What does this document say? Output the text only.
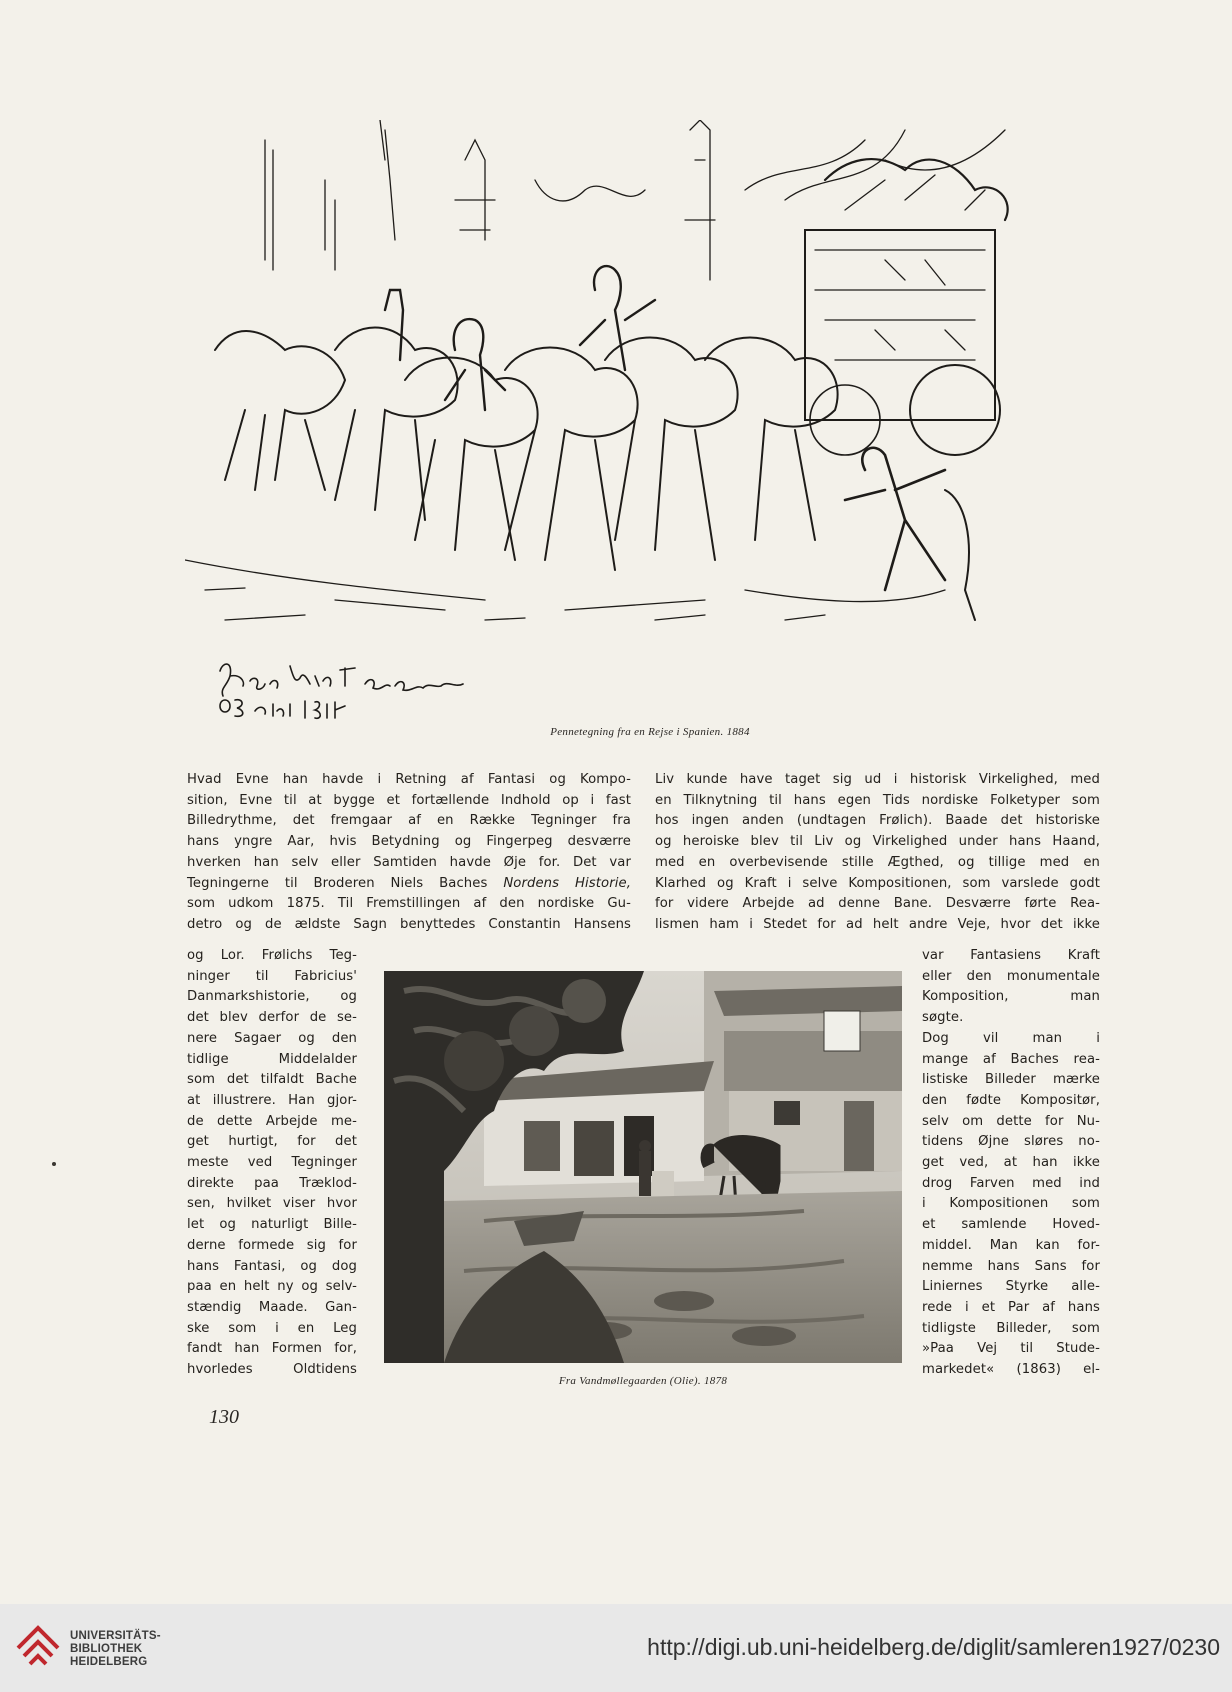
Pennetegning fra en Rejse i Spanien. 1884
Hvad Evne han havde i Retning af Fantasi og Kompo-
sition, Evne til at bygge et fortællende Indhold op i fast
Billedrythme, det fremgaar af en Række Tegninger fra
hans yngre Aar, hvis Betydning og Fingerpeg desværre
hverken han selv eller Samtiden havde Øje for. Det var
Tegningerne til Broderen Niels Baches Nordens Historie,
som udkom 1875. Til Fremstillingen af den nordiske Gu-
detro og de ældste Sagn benyttedes Constantin Hansens
Liv kunde have taget sig ud i historisk Virkelighed, med
en Tilknytning til hans egen Tids nordiske Folketyper som
hos ingen anden (undtagen Frølich). Baade det historiske
og heroiske blev til Liv og Virkelighed under hans Haand,
med en overbevisende stille Ægthed, og tillige med en
Klarhed og Kraft i selve Kompositionen, som varslede godt
for videre Arbejde ad denne Bane. Desværre førte Rea-
lismen ham i Stedet for ad helt andre Veje, hvor det ikke
og Lor. Frølichs Teg-
ninger til Fabricius'
Danmarkshistorie, og
det blev derfor de se-
nere Sagaer og den
tidlige Middelalder
som det tilfaldt Bache
at illustrere. Han gjor-
de dette Arbejde me-
get hurtigt, for det
meste ved Tegninger
direkte paa Træklod-
sen, hvilket viser hvor
let og naturligt Bille-
derne formede sig for
hans Fantasi, og dog
paa en helt ny og selv-
stændig Maade. Gan-
ske som i en Leg
fandt han Formen for,
hvorledes Oldtidens
var Fantasiens Kraft
eller den monumentale
Komposition, man
søgte.
Dog vil man i
mange af Baches rea-
listiske Billeder mærke
den fødte Kompositør,
selv om dette for Nu-
tidens Øjne sløres no-
get ved, at han ikke
drog Farven med ind
i Kompositionen som
et samlende Hoved-
middel. Man kan for-
nemme hans Sans for
Liniernes Styrke alle-
rede i et Par af hans
tidligste Billeder, som
»Paa Vej til Stude-
markedet« (1863) el-
Fra Vandmøllegaarden (Olie). 1878
130
UNIVERSITÄTS-
BIBLIOTHEK
HEIDELBERG
http://digi.ub.uni-heidelberg.de/diglit/samleren1927/0230
